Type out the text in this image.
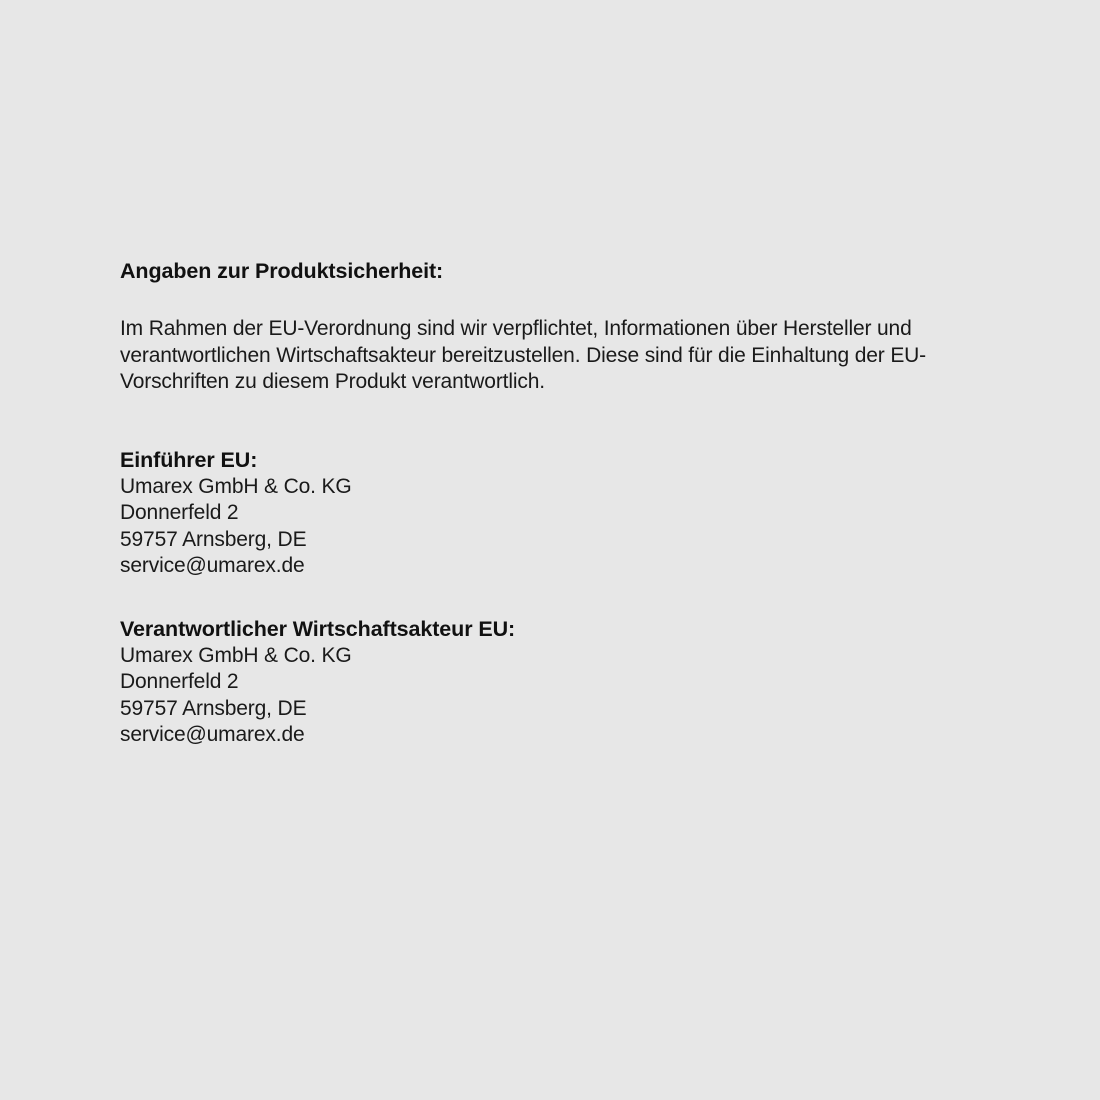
Angaben zur Produktsicherheit:

Im Rahmen der EU-Verordnung sind wir verpflichtet, Informationen über Hersteller und verantwortlichen Wirtschaftsakteur bereitzustellen. Diese sind für die Einhaltung der EU-Vorschriften zu diesem Produkt verantwortlich.

Einführer EU:
Umarex GmbH & Co. KG
Donnerfeld 2
59757 Arnsberg, DE
service@umarex.de
Verantwortlicher Wirtschaftsakteur EU:
Umarex GmbH & Co. KG
Donnerfeld 2
59757 Arnsberg, DE
service@umarex.de
